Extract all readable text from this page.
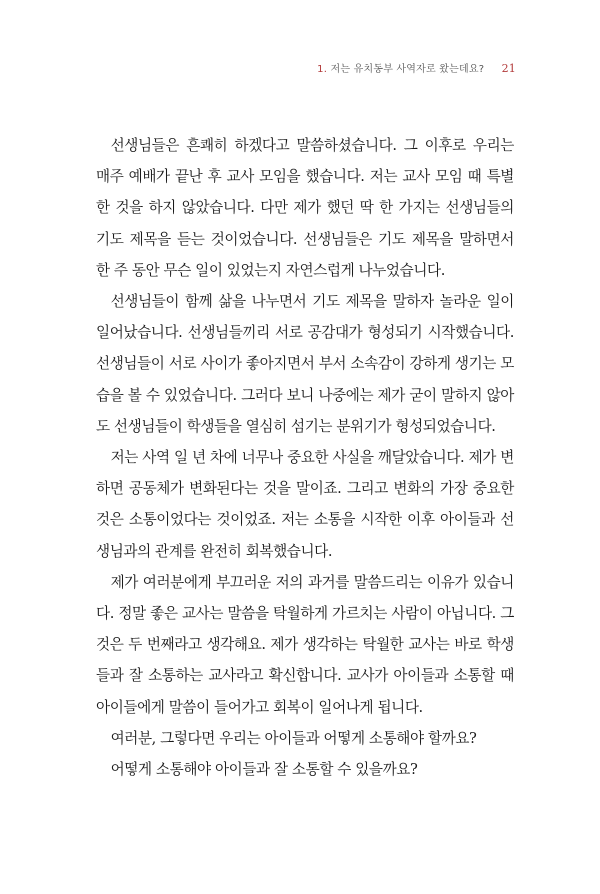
1. 저는 유치동부 사역자로 왔는데요? 21

선생님들은 흔쾌히 하겠다고 말씀하셨습니다. 그 이후로 우리는 매주 예배가 끝난 후 교사 모임을 했습니다. 저는 교사 모임 때 특별한 것을 하지 않았습니다. 다만 제가 했던 딱 한 가지는 선생님들의 기도 제목을 듣는 것이었습니다. 선생님들은 기도 제목을 말하면서 한 주 동안 무슨 일이 있었는지 자연스럽게 나누었습니다.

선생님들이 함께 삶을 나누면서 기도 제목을 말하자 놀라운 일이 일어났습니다. 선생님들끼리 서로 공감대가 형성되기 시작했습니다. 선생님들이 서로 사이가 좋아지면서 부서 소속감이 강하게 생기는 모습을 볼 수 있었습니다. 그러다 보니 나중에는 제가 굳이 말하지 않아도 선생님들이 학생들을 열심히 섬기는 분위기가 형성되었습니다.

저는 사역 일 년 차에 너무나 중요한 사실을 깨달았습니다. 제가 변하면 공동체가 변화된다는 것을 말이죠. 그리고 변화의 가장 중요한 것은 소통이었다는 것이었죠. 저는 소통을 시작한 이후 아이들과 선생님과의 관계를 완전히 회복했습니다.

제가 여러분에게 부끄러운 저의 과거를 말씀드리는 이유가 있습니다. 정말 좋은 교사는 말씀을 탁월하게 가르치는 사람이 아닙니다. 그것은 두 번째라고 생각해요. 제가 생각하는 탁월한 교사는 바로 학생들과 잘 소통하는 교사라고 확신합니다. 교사가 아이들과 소통할 때 아이들에게 말씀이 들어가고 회복이 일어나게 됩니다.

여러분, 그렇다면 우리는 아이들과 어떻게 소통해야 할까요?

어떻게 소통해야 아이들과 잘 소통할 수 있을까요?
